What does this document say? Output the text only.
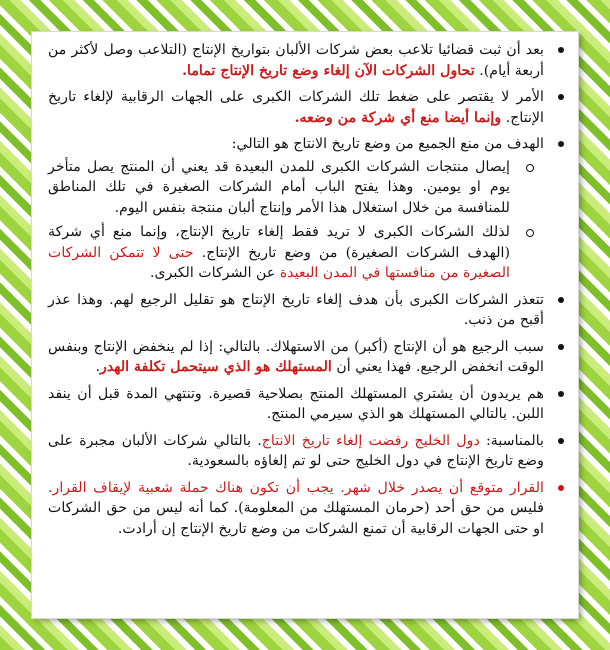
بعد أن ثبت قضائيا تلاعب بعض شركات الألبان بتواريخ الإنتاج (التلاعب وصل لأكثر من أربعة أيام). تحاول الشركات الآن إلغاء وضع تاريخ الإنتاج تماما.
الأمر لا يقتصر على ضغط تلك الشركات الكبرى على الجهات الرقابية لإلغاء تاريخ الإنتاج. وإنما أيضا منع أي شركة من وضعه.
الهدف من منع الجميع من وضع تاريخ الانتاج هو التالي:
إيصال منتجات الشركات الكبرى للمدن البعيدة قد يعني أن المنتج يصل متأخر يوم او يومين. وهذا يفتح الباب أمام الشركات الصغيرة في تلك المناطق للمنافسة من خلال استغلال هذا الأمر وإنتاج ألبان منتجة بنفس اليوم.
لذلك الشركات الكبرى لا تريد فقط إلغاء تاريخ الإنتاج، وإنما منع أي شركة (الهدف الشركات الصغيرة) من وضع تاريخ الإنتاج. حتى لا تتمكن الشركات الصغيرة من منافستها في المدن البعيدة عن الشركات الكبرى.
تتعذر الشركات الكبرى بأن هدف إلغاء تاريخ الإنتاج هو تقليل الرجيع لهم. وهذا عذر أقبح من ذنب.
سبب الرجيع هو أن الإنتاج (أكبر) من الاستهلاك. بالتالي: إذا لم ينخفض الإنتاج وبنفس الوقت انخفض الرجيع. فهذا يعني أن المستهلك هو الذي سيتحمل تكلفة الهدر.
هم يريدون أن يشتري المستهلك المنتج بصلاحية قصيرة. وتنتهي المدة قبل أن ينفد اللبن. بالتالي المستهلك هو الذي سيرمي المنتج.
بالمناسبة: دول الخليج رفضت إلغاء تاريخ الانتاج. بالتالي شركات الألبان مجبرة على وضع تاريخ الإنتاج في دول الخليج حتى لو تم إلغاؤه بالسعودية.
القرار متوقع أن يصدر خلال شهر. يجب أن تكون هناك حملة شعبية لإيقاف القرار. فليس من حق أحد (حرمان المستهلك من المعلومة). كما أنه ليس من حق الشركات او حتى الجهات الرقابية أن تمنع الشركات من وضع تاريخ الإنتاج إن أرادت.
